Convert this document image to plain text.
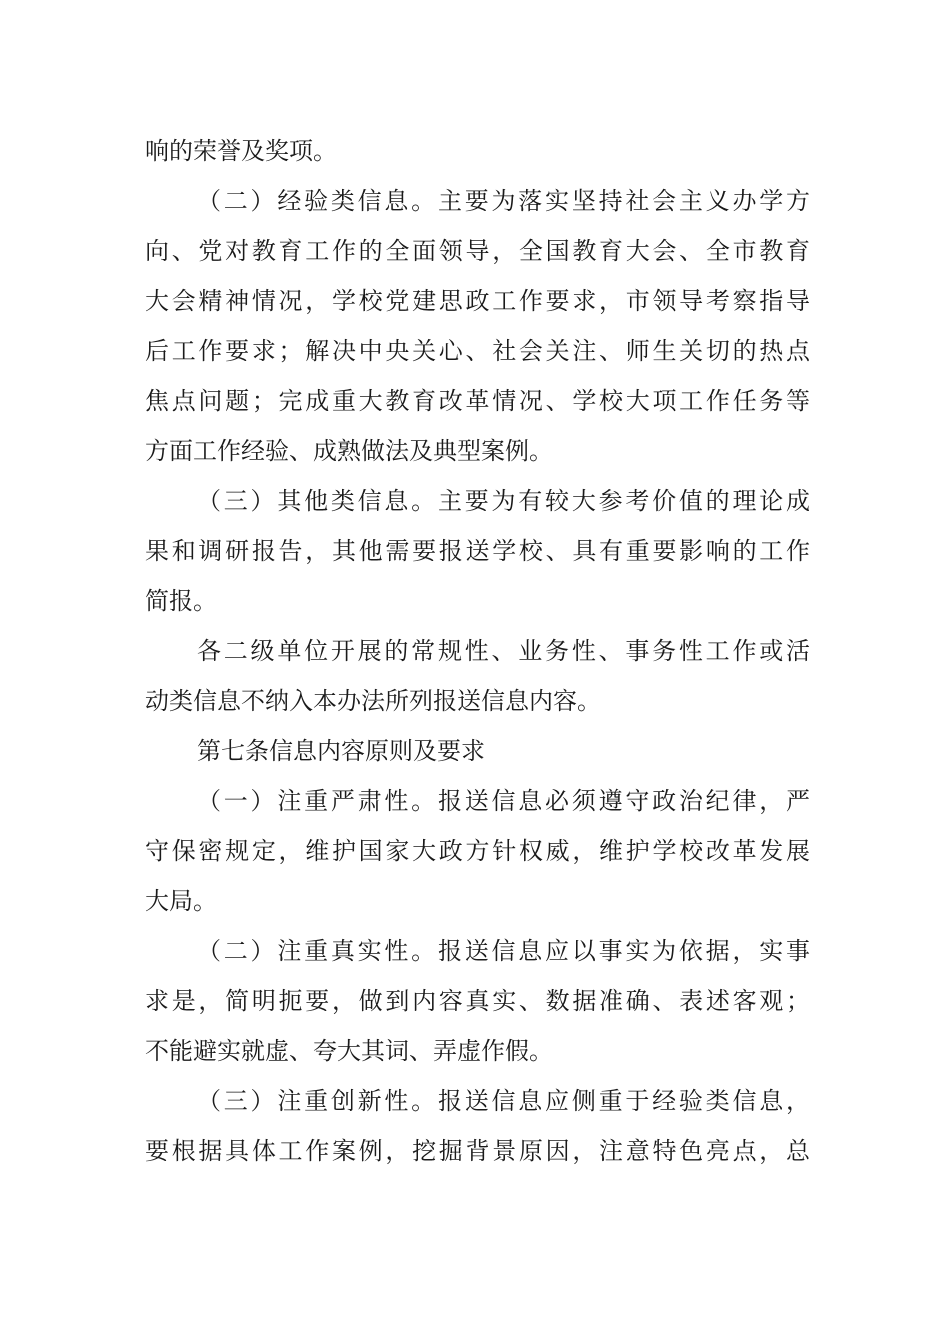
响的荣誉及奖项。

（二）经验类信息。主要为落实坚持社会主义办学方

向、党对教育工作的全面领导，全国教育大会、全市教育

大会精神情况，学校党建思政工作要求，市领导考察指导

后工作要求；解决中央关心、社会关注、师生关切的热点

焦点问题；完成重大教育改革情况、学校大项工作任务等

方面工作经验、成熟做法及典型案例。

（三）其他类信息。主要为有较大参考价值的理论成

果和调研报告，其他需要报送学校、具有重要影响的工作

简报。

各二级单位开展的常规性、业务性、事务性工作或活

动类信息不纳入本办法所列报送信息内容。

第七条信息内容原则及要求

（一）注重严肃性。报送信息必须遵守政治纪律，严

守保密规定，维护国家大政方针权威，维护学校改革发展

大局。

（二）注重真实性。报送信息应以事实为依据，实事

求是，简明扼要，做到内容真实、数据准确、表述客观；

不能避实就虚、夸大其词、弄虚作假。

（三）注重创新性。报送信息应侧重于经验类信息，

要根据具体工作案例，挖掘背景原因，注意特色亮点，总
